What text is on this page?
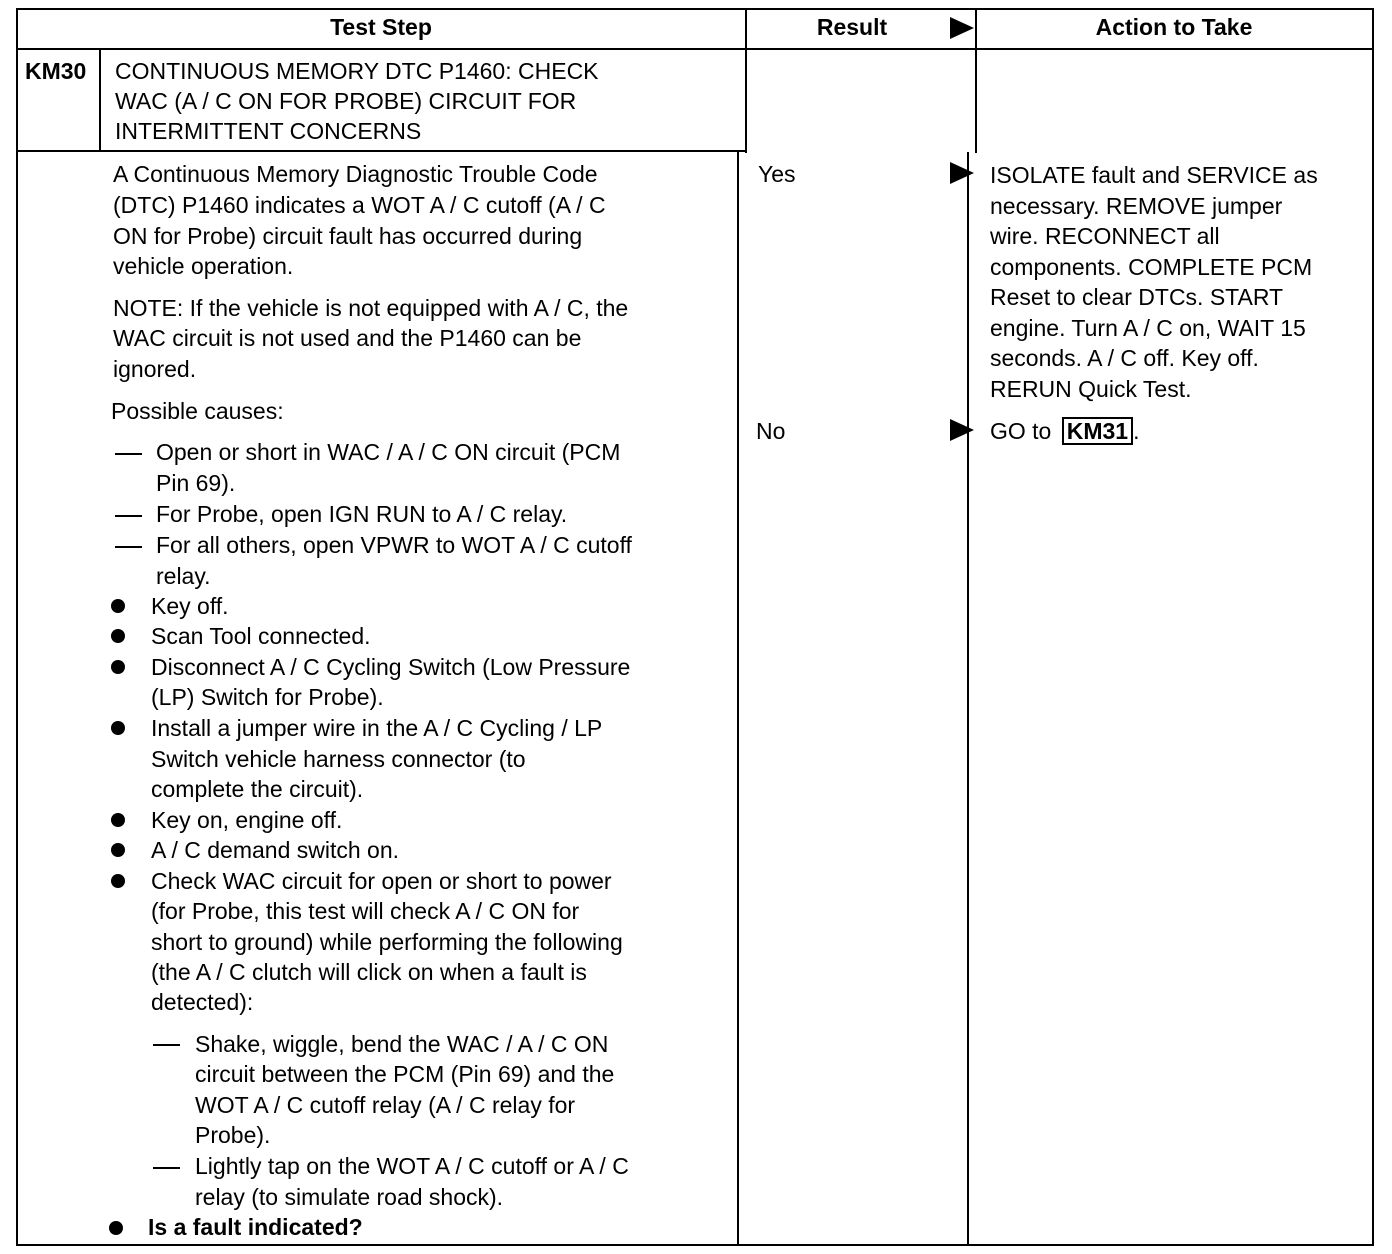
Test Step	Result	Action to Take
KM30 CONTINUOUS MEMORY DTC P1460: CHECK
WAC (A / C ON FOR PROBE) CIRCUIT FOR
INTERMITTENT CONCERNS
A Continuous Memory Diagnostic Trouble Code
(DTC) P1460 indicates a WOT A / C cutoff (A / C
ON for Probe) circuit fault has occurred during
vehicle operation.
NOTE: If the vehicle is not equipped with A / C, the
WAC circuit is not used and the P1460 can be
ignored.
Possible causes:
Open or short in WAC / A / C ON circuit (PCM
Pin 69).
For Probe, open IGN RUN to A / C relay.
For all others, open VPWR to WOT A / C cutoff
relay.
Key off.
Scan Tool connected.
Disconnect A / C Cycling Switch (Low Pressure
(LP) Switch for Probe).
Install a jumper wire in the A / C Cycling / LP
Switch vehicle harness connector (to
complete the circuit).
Key on, engine off.
A / C demand switch on.
Check WAC circuit for open or short to power
(for Probe, this test will check A / C ON for
short to ground) while performing the following
(the A / C clutch will click on when a fault is
detected):
Shake, wiggle, bend the WAC / A / C ON
circuit between the PCM (Pin 69) and the
WOT A / C cutoff relay (A / C relay for
Probe).
Lightly tap on the WOT A / C cutoff or A / C
relay (to simulate road shock).
Is a fault indicated?
Yes
No
ISOLATE fault and SERVICE as
necessary. REMOVE jumper
wire. RECONNECT all
components. COMPLETE PCM
Reset to clear DTCs. START
engine. Turn A / C on, WAIT 15
seconds. A / C off. Key off.
RERUN Quick Test.
GO to KM31 .
